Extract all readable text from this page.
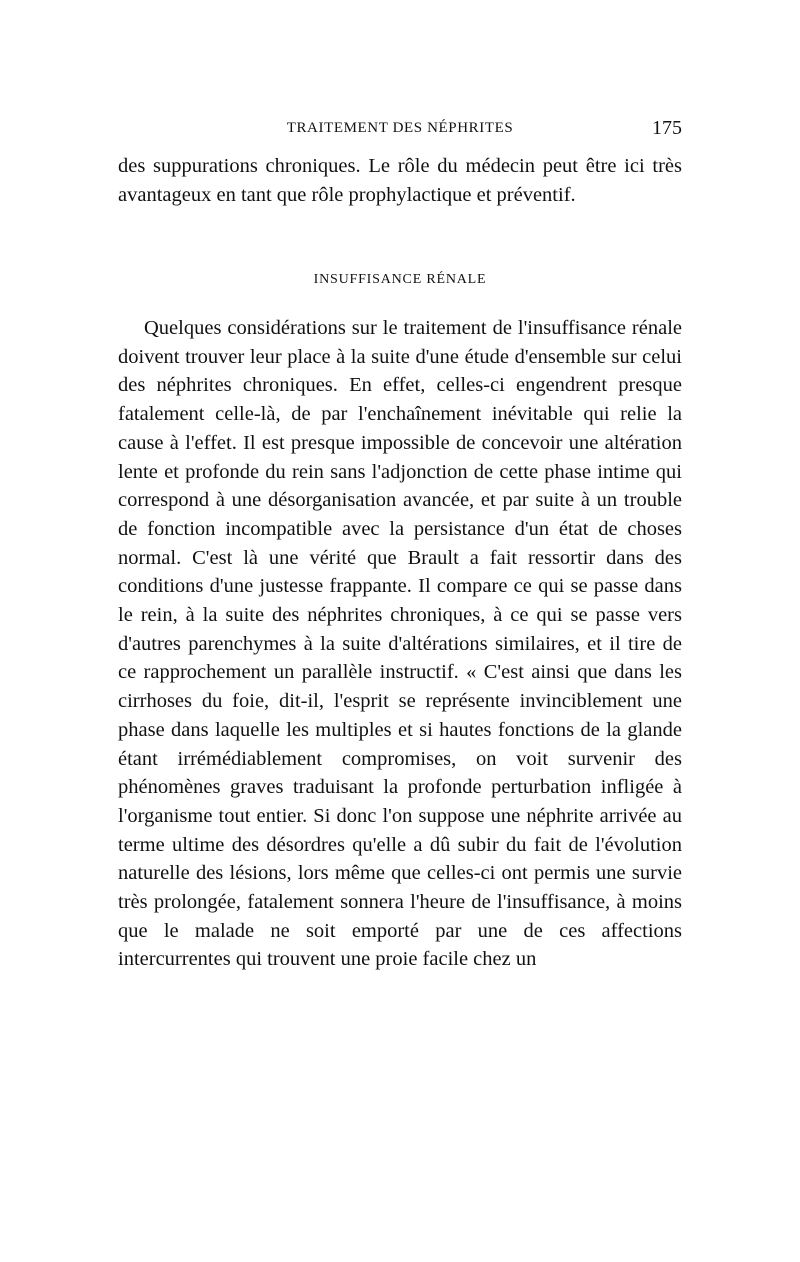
TRAITEMENT DES NÉPHRITES	175

des suppurations chroniques. Le rôle du médecin peut être ici très avantageux en tant que rôle prophylactique et préventif.

INSUFFISANCE RÉNALE

Quelques considérations sur le traitement de l'insuffisance rénale doivent trouver leur place à la suite d'une étude d'ensemble sur celui des néphrites chroniques. En effet, celles-ci engendrent presque fatalement celle-là, de par l'enchaînement inévitable qui relie la cause à l'effet. Il est presque impossible de concevoir une altération lente et profonde du rein sans l'adjonction de cette phase intime qui correspond à une désorganisation avancée, et par suite à un trouble de fonction incompatible avec la persistance d'un état de choses normal. C'est là une vérité que Brault a fait ressortir dans des conditions d'une justesse frappante. Il compare ce qui se passe dans le rein, à la suite des néphrites chroniques, à ce qui se passe vers d'autres parenchymes à la suite d'altérations similaires, et il tire de ce rapprochement un parallèle instructif. « C'est ainsi que dans les cirrhoses du foie, dit-il, l'esprit se représente invinciblement une phase dans laquelle les multiples et si hautes fonctions de la glande étant irrémédiablement compromises, on voit survenir des phénomènes graves traduisant la profonde perturbation infligée à l'organisme tout entier. Si donc l'on suppose une néphrite arrivée au terme ultime des désordres qu'elle a dû subir du fait de l'évolution naturelle des lésions, lors même que celles-ci ont permis une survie très prolongée, fatalement sonnera l'heure de l'insuffisance, à moins que le malade ne soit emporté par une de ces affections intercurrentes qui trouvent une proie facile chez un
